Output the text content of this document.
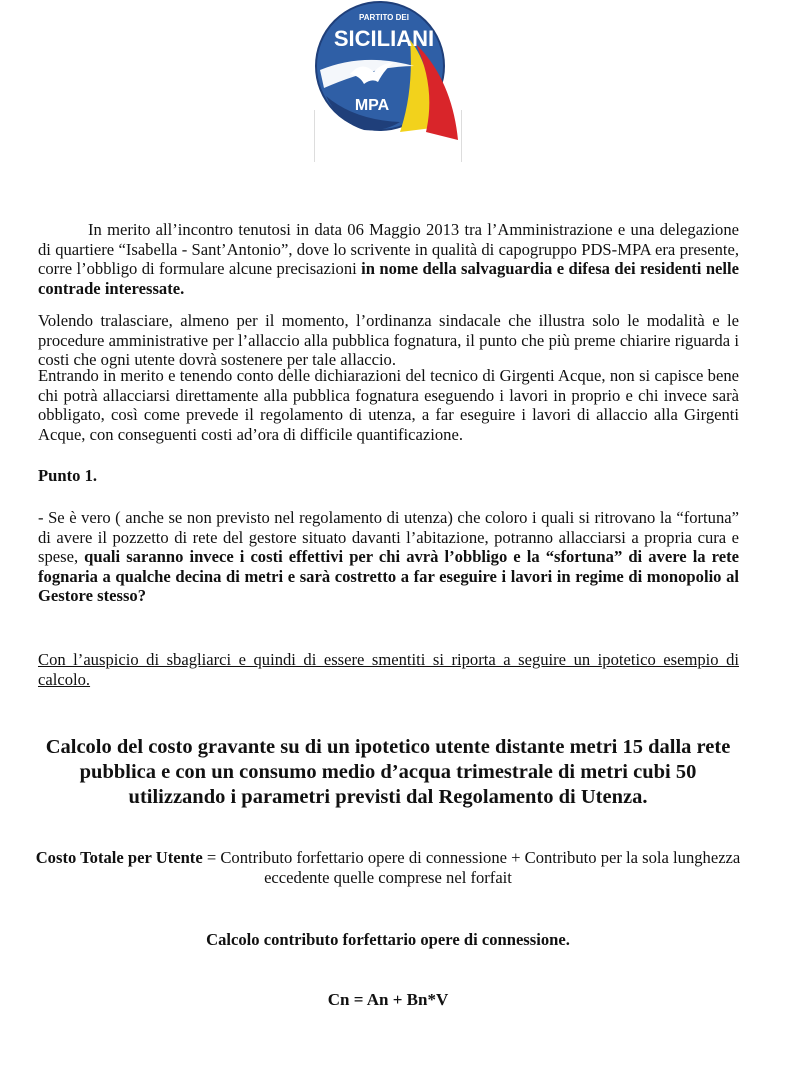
PARTITO DEI
SICILIANI
MPA

In merito all’incontro tenutosi in data 06 Maggio 2013 tra l’Amministrazione e una delegazione di quartiere “Isabella - Sant’Antonio”, dove lo scrivente in qualità di capogruppo PDS-MPA era presente, corre l’obbligo di formulare alcune precisazioni in nome della salvaguardia e difesa dei residenti nelle contrade interessate.

Volendo tralasciare, almeno per il momento, l’ordinanza sindacale che illustra solo le modalità e le procedure amministrative per l’allaccio alla pubblica fognatura, il punto che più preme chiarire riguarda i costi che ogni utente dovrà sostenere per tale allaccio.

Entrando in merito e tenendo conto delle dichiarazioni del tecnico di Girgenti Acque, non si capisce bene chi potrà allacciarsi direttamente alla pubblica fognatura eseguendo i lavori in proprio e chi invece sarà obbligato, così come prevede il regolamento di utenza, a far eseguire i lavori di allaccio alla Girgenti Acque, con conseguenti costi ad’ora di difficile quantificazione.

Punto 1.

- Se è vero ( anche se non previsto nel regolamento di utenza) che coloro i quali si ritrovano la “fortuna” di avere il pozzetto di rete del gestore situato davanti l’abitazione, potranno allacciarsi a propria cura e spese, quali saranno invece i costi effettivi per chi avrà l’obbligo e la “sfortuna” di avere la rete fognaria a qualche decina di metri e sarà costretto a far eseguire i lavori in regime di monopolio al Gestore stesso?

Con l’auspicio di sbagliarci e quindi di essere smentiti si riporta a seguire un ipotetico esempio di calcolo.

Calcolo del costo gravante su di un ipotetico utente distante metri 15 dalla rete pubblica e con un consumo medio d’acqua trimestrale di metri cubi 50 utilizzando i parametri previsti dal Regolamento di Utenza.

Costo Totale per Utente = Contributo forfettario opere di connessione + Contributo per la sola lunghezza eccedente quelle comprese nel forfait

Calcolo contributo forfettario opere di connessione.

Cn = An + Bn*V
